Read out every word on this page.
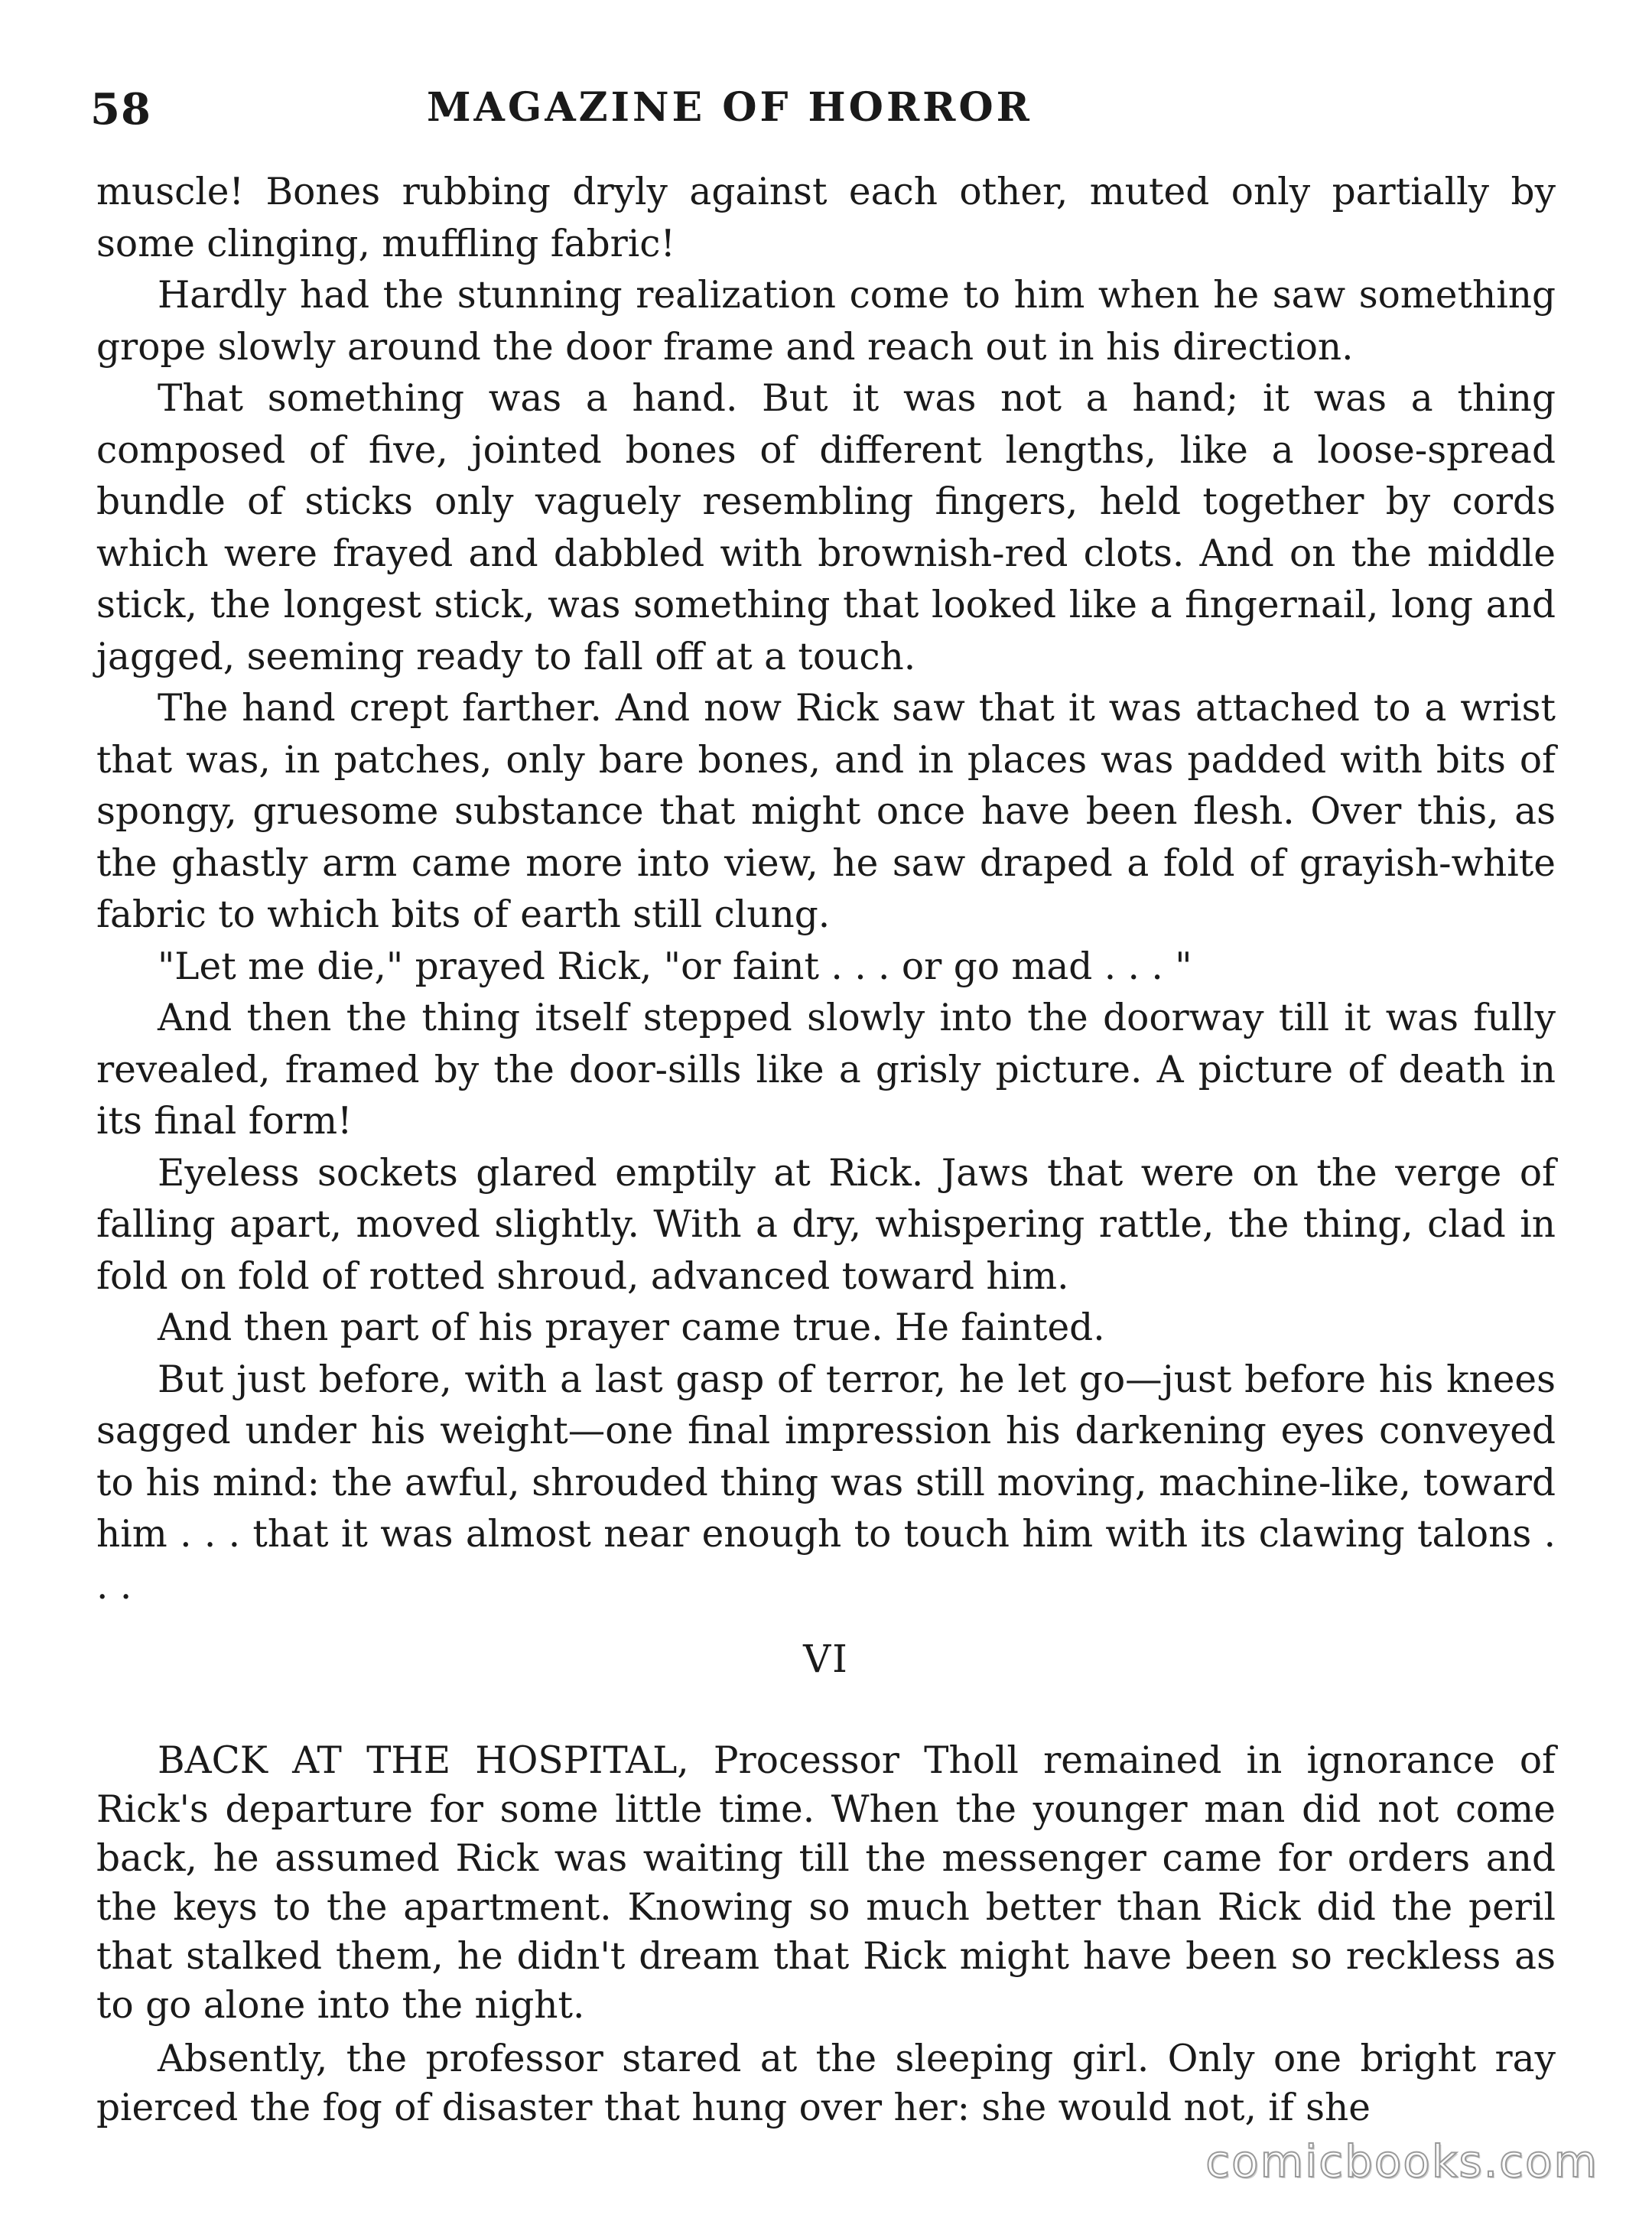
58	MAGAZINE OF HORROR

muscle! Bones rubbing dryly against each other, muted only partially by some clinging, muffling fabric!

Hardly had the stunning realization come to him when he saw something grope slowly around the door frame and reach out in his direction.

That something was a hand. But it was not a hand; it was a thing composed of five, jointed bones of different lengths, like a loose-spread bundle of sticks only vaguely resembling fingers, held together by cords which were frayed and dabbled with brownish-red clots. And on the middle stick, the longest stick, was something that looked like a fingernail, long and jagged, seeming ready to fall off at a touch.

The hand crept farther. And now Rick saw that it was attached to a wrist that was, in patches, only bare bones, and in places was padded with bits of spongy, gruesome substance that might once have been flesh. Over this, as the ghastly arm came more into view, he saw draped a fold of grayish-white fabric to which bits of earth still clung.

"Let me die," prayed Rick, "or faint . . . or go mad . . . "

And then the thing itself stepped slowly into the doorway till it was fully revealed, framed by the door-sills like a grisly picture. A picture of death in its final form!

Eyeless sockets glared emptily at Rick. Jaws that were on the verge of falling apart, moved slightly. With a dry, whispering rattle, the thing, clad in fold on fold of rotted shroud, advanced toward him.

And then part of his prayer came true. He fainted.

But just before, with a last gasp of terror, he let go—just before his knees sagged under his weight—one final impression his darkening eyes conveyed to his mind: the awful, shrouded thing was still moving, machine-like, toward him . . . that it was almost near enough to touch him with its clawing talons . . .

VI

BACK AT THE HOSPITAL, Processor Tholl remained in ignorance of Rick's departure for some little time. When the younger man did not come back, he assumed Rick was waiting till the messenger came for orders and the keys to the apartment. Knowing so much better than Rick did the peril that stalked them, he didn't dream that Rick might have been so reckless as to go alone into the night.

Absently, the professor stared at the sleeping girl. Only one bright ray pierced the fog of disaster that hung over her: she would not, if she

comicbooks.com
